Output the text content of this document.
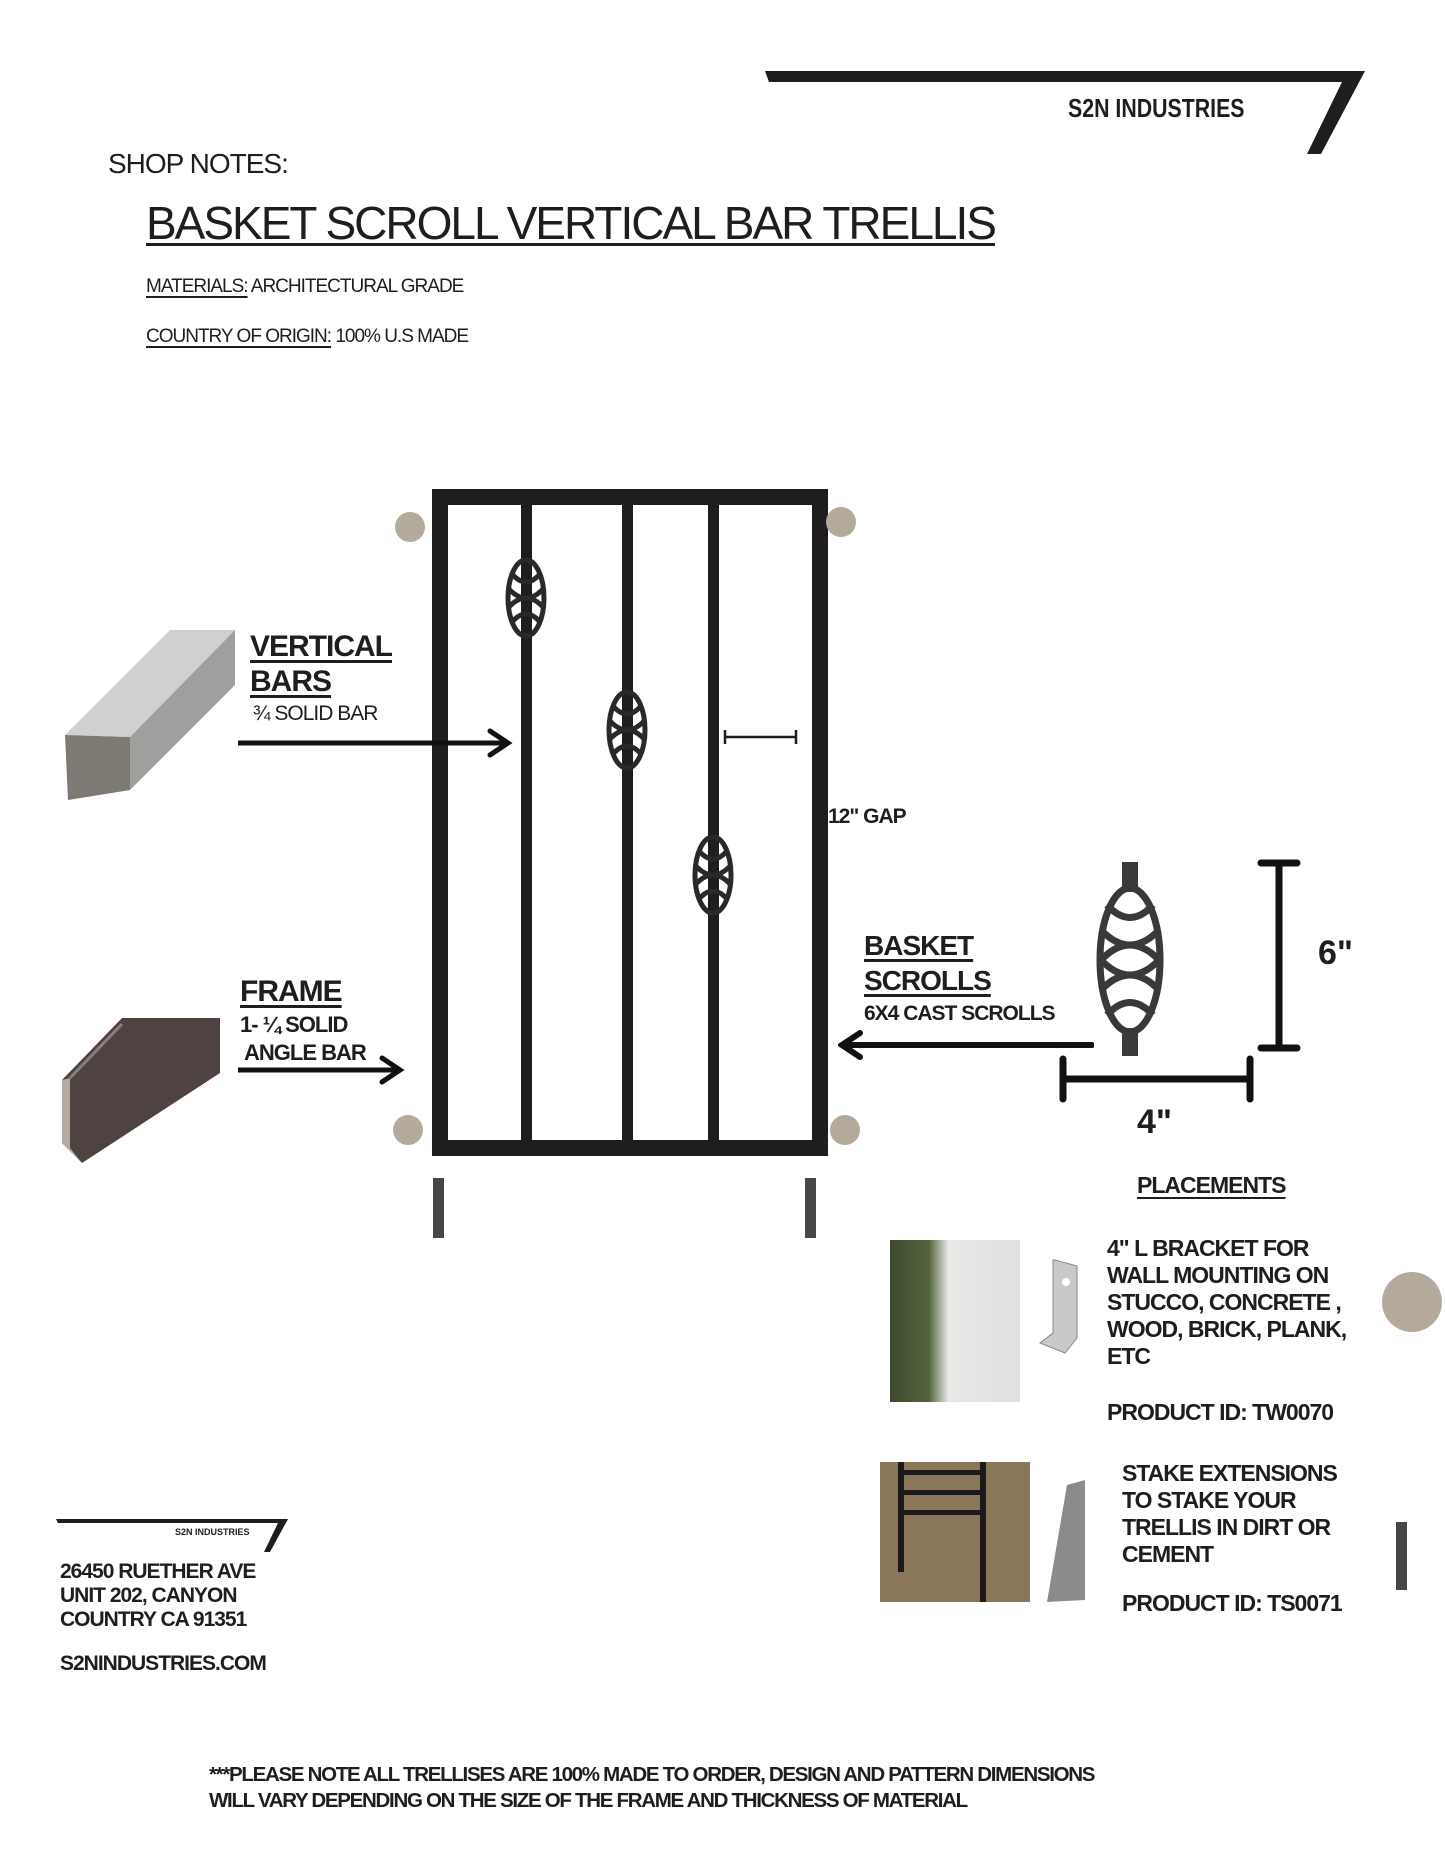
S2N INDUSTRIES
SHOP NOTES:
BASKET SCROLL VERTICAL BAR TRELLIS
MATERIALS: ARCHITECTURAL GRADE
COUNTRY OF ORIGIN: 100% U.S MADE
VERTICAL
BARS
¾ SOLID BAR
FRAME
1- ¼ SOLID
ANGLE BAR
12" GAP
BASKET
SCROLLS
6X4 CAST SCROLLS
6"
4"
PLACEMENTS
4" L BRACKET FOR
WALL MOUNTING ON
STUCCO, CONCRETE ,
WOOD, BRICK, PLANK,
ETC
PRODUCT ID: TW0070
STAKE EXTENSIONS
TO STAKE YOUR
TRELLIS IN DIRT OR
CEMENT
PRODUCT ID: TS0071
S2N INDUSTRIES
26450 RUETHER AVE
UNIT 202, CANYON
COUNTRY CA 91351
S2NINDUSTRIES.COM
***PLEASE NOTE ALL TRELLISES ARE 100% MADE TO ORDER, DESIGN AND PATTERN DIMENSIONS
WILL VARY DEPENDING ON THE SIZE OF THE FRAME AND THICKNESS OF MATERIAL
